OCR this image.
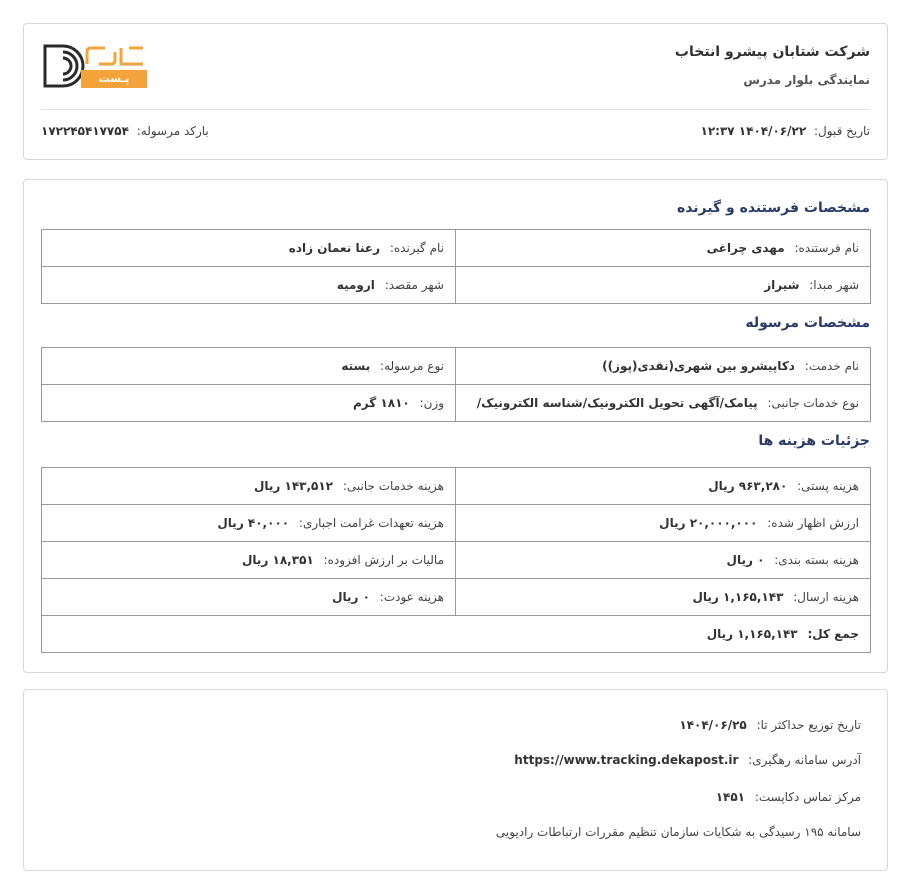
شرکت شتابان پیشرو انتخاب
نمایندگی بلوار مدرس
پـست
تاریخ قبول: ۱۴۰۴/۰۶/۲۲ ۱۲:۳۷
بارکد مرسوله: ۱۷۲۲۴۵۴۱۷۷۵۴
مشخصات فرستنده و گیرنده
نام فرستنده: مهدی چراغی	نام گیرنده: رعنا نعمان زاده
شهر مبدا: شیراز	شهر مقصد: ارومیه
مشخصات مرسوله
نام خدمت: دکاپیشرو بین شهری(نقدی(پوز))	نوع مرسوله: بسته
نوع خدمات جانبی: پیامک/آگهی تحویل الکترونیک/شناسه الکترونیک/	وزن: ۱۸۱۰ گرم
جزئیات هزینه ها
هزینه پستی: ۹۶۳,۲۸۰ ریال	هزینه خدمات جانبی: ۱۴۳,۵۱۲ ریال
ارزش اظهار شده: ۲۰,۰۰۰,۰۰۰ ریال	هزینه تعهدات غرامت اجباری: ۴۰,۰۰۰ ریال
هزینه بسته بندی: ۰ ریال	مالیات بر ارزش افزوده: ۱۸,۳۵۱ ریال
هزینه ارسال: ۱,۱۶۵,۱۴۳ ریال	هزینه عودت: ۰ ریال
جمع کل: ۱,۱۶۵,۱۴۳ ریال	
تاریخ توزیع حداکثر تا: ۱۴۰۴/۰۶/۲۵
آدرس سامانه رهگیری: https://www.tracking.dekapost.ir
مرکز تماس دکاپست: ۱۴۵۱
سامانه ۱۹۵ رسیدگی به شکایات سازمان تنظیم مقررات ارتباطات رادیویی
